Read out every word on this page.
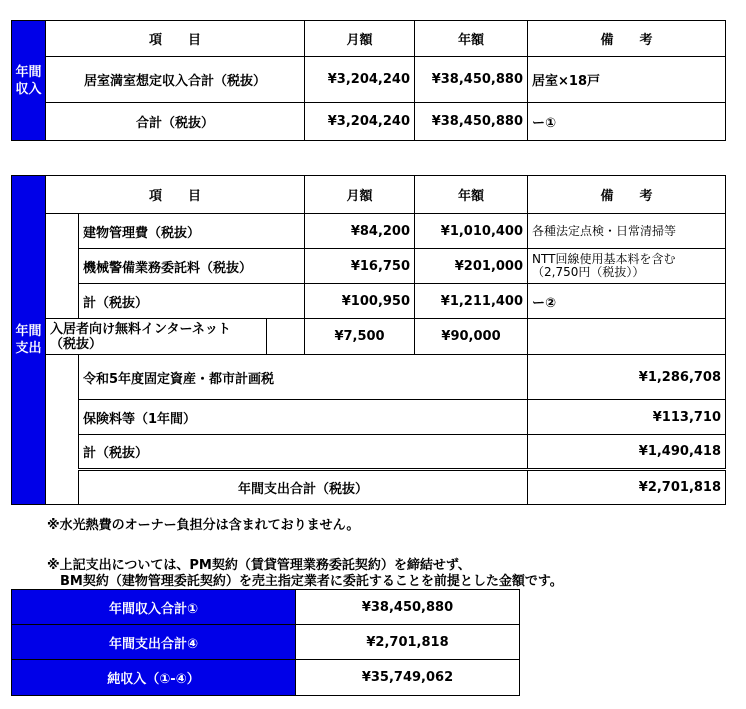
年間収入	項　　目	月額	年額	備　　考
	居室満室想定収入合計（税抜）	¥3,204,240	¥38,450,880	居室×18戸
	合計（税抜）	¥3,204,240	¥38,450,880	ー①
年間支出	項　　目			月額	年額	備　　考	
		建物管理費（税抜）		¥84,200	¥1,010,400	各種法定点検・日常清掃等	
		機械警備業務委託料（税抜）		¥16,750	¥201,000	NTT回線使用基本料を含む
（2,750円（税抜））	

		計（税抜）		¥100,950	¥1,211,400	ー②	

	入居者向け無料インターネット
（税抜）			¥7,500	¥90,000		
		令和5年度固定資産・都市計画税				¥1,286,708	

		保険料等（1年間）				¥113,710	
		計（税抜）				¥1,490,418	
		年間支出合計（税抜）				¥2,701,818	
※水光熱費のオーナー負担分は含まれておりません。
※上記支出については、PM契約（賃貸管理業務委託契約）を締結せず、
　BM契約（建物管理委託契約）を売主指定業者に委託することを前提とした金額です。
年間収入合計①	¥38,450,880
年間支出合計④	¥2,701,818
純収入（①-④）	¥35,749,062
